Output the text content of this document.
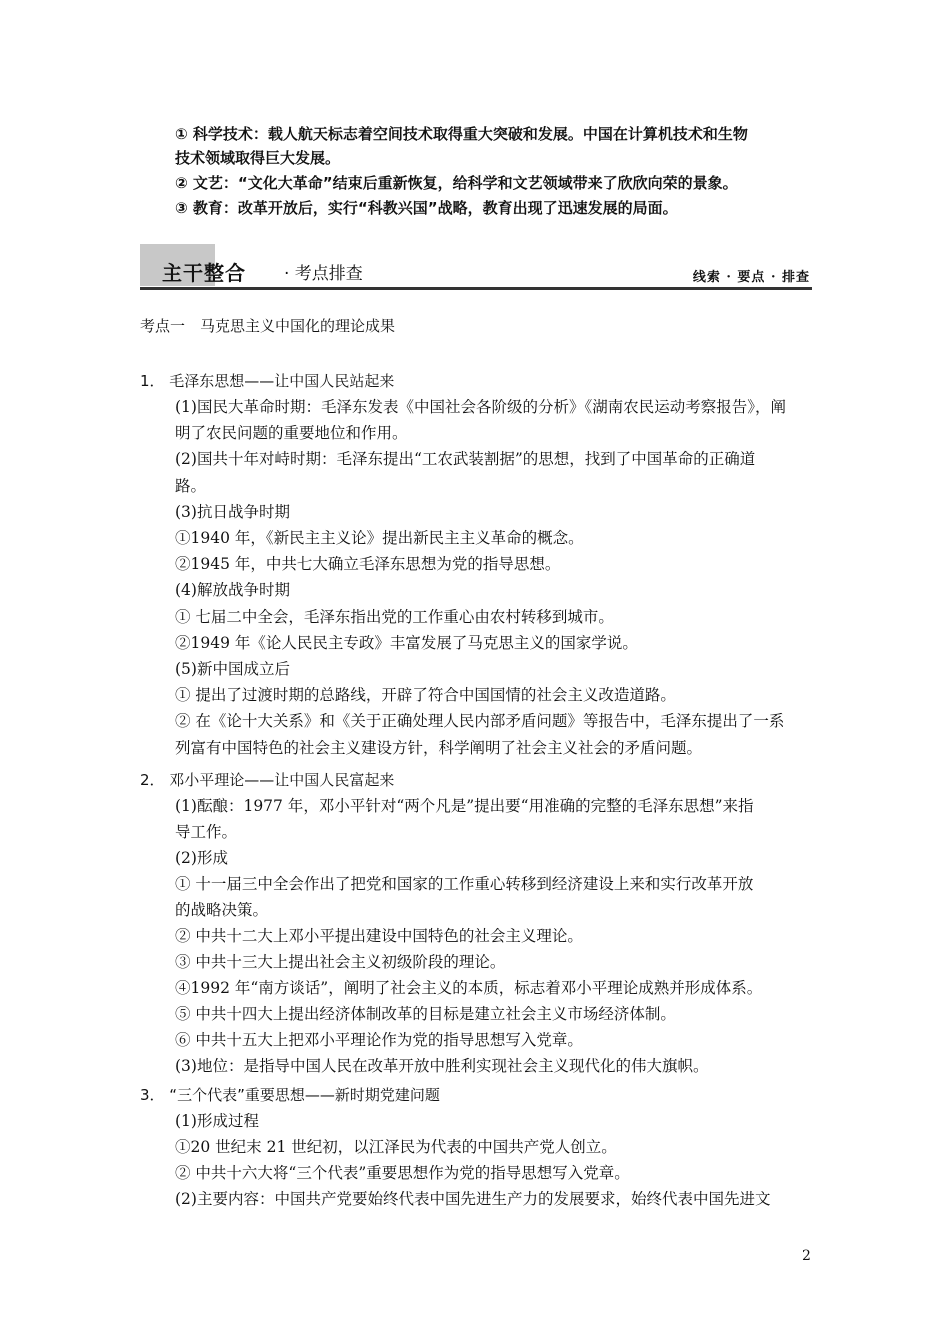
① 科学技术：载人航天标志着空间技术取得重大突破和发展。中国在计算机技术和生物
技术领域取得巨大发展。
② 文艺：“文化大革命”结束后重新恢复，给科学和文艺领域带来了欣欣向荣的景象。
③ 教育：改革开放后，实行“科教兴国”战略，教育出现了迅速发展的局面。
主干整合 · 考点排查	线索 · 要点 · 排查
考点一　马克思主义中国化的理论成果
1． 毛泽东思想——让中国人民站起来
(1)国民大革命时期：毛泽东发表《中国社会各阶级的分析》《湖南农民运动考察报告》，阐
明了农民问题的重要地位和作用。
(2)国共十年对峙时期：毛泽东提出“工农武装割据”的思想，找到了中国革命的正确道
路。
(3)抗日战争时期
①1940 年，《新民主主义论》提出新民主主义革命的概念。
②1945 年，中共七大确立毛泽东思想为党的指导思想。
(4)解放战争时期
① 七届二中全会，毛泽东指出党的工作重心由农村转移到城市。
②1949 年《论人民民主专政》丰富发展了马克思主义的国家学说。
(5)新中国成立后
① 提出了过渡时期的总路线，开辟了符合中国国情的社会主义改造道路。
② 在《论十大关系》和《关于正确处理人民内部矛盾问题》等报告中，毛泽东提出了一系
列富有中国特色的社会主义建设方针，科学阐明了社会主义社会的矛盾问题。
2． 邓小平理论——让中国人民富起来
(1)酝酿：1977 年，邓小平针对“两个凡是”提出要“用准确的完整的毛泽东思想”来指
导工作。
(2)形成
① 十一届三中全会作出了把党和国家的工作重心转移到经济建设上来和实行改革开放
的战略决策。
② 中共十二大上邓小平提出建设中国特色的社会主义理论。
③ 中共十三大上提出社会主义初级阶段的理论。
④1992 年“南方谈话”，阐明了社会主义的本质，标志着邓小平理论成熟并形成体系。
⑤ 中共十四大上提出经济体制改革的目标是建立社会主义市场经济体制。
⑥ 中共十五大上把邓小平理论作为党的指导思想写入党章。
(3)地位：是指导中国人民在改革开放中胜利实现社会主义现代化的伟大旗帜。
3． “三个代表”重要思想——新时期党建问题
(1)形成过程
①20 世纪末 21 世纪初，以江泽民为代表的中国共产党人创立。
② 中共十六大将“三个代表”重要思想作为党的指导思想写入党章。
(2)主要内容：中国共产党要始终代表中国先进生产力的发展要求，始终代表中国先进文
2
